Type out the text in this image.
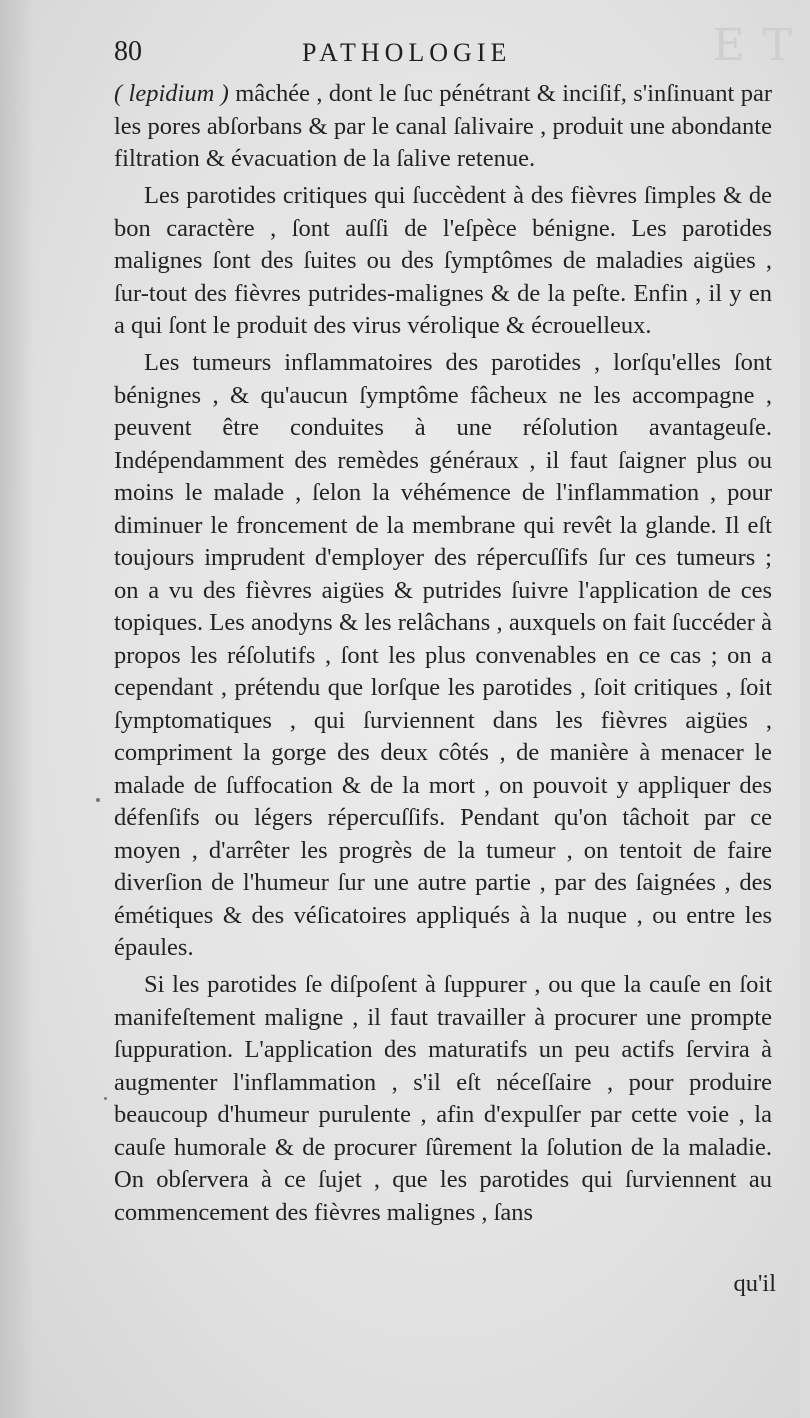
ET
80	PATHOLOGIE

( lepidium ) mâchée , dont le ſuc pénétrant & inciſif, s'inſinuant par les pores abſorbans & par le canal ſalivaire , produit une abondante filtration & évacuation de la ſalive retenue.

Les parotides critiques qui ſuccèdent à des fièvres ſimples & de bon caractère , ſont auſſi de l'eſpèce bénigne. Les parotides malignes ſont des ſuites ou des ſymptômes de maladies aigües , ſur-tout des fièvres putrides-malignes & de la peſte. Enfin , il y en a qui ſont le produit des virus vérolique & écrouelleux.

Les tumeurs inflammatoires des parotides , lorſqu'elles ſont bénignes , & qu'aucun ſymptôme fâcheux ne les accompagne , peuvent être conduites à une réſolution avantageuſe. Indépendamment des remèdes généraux , il faut ſaigner plus ou moins le malade , ſelon la véhémence de l'inflammation , pour diminuer le froncement de la membrane qui revêt la glande. Il eſt toujours imprudent d'employer des répercuſſifs ſur ces tumeurs ; on a vu des fièvres aigües & putrides ſuivre l'application de ces topiques. Les anodyns & les relâchans , auxquels on fait ſuccéder à propos les réſolutifs , ſont les plus convenables en ce cas ; on a cependant , prétendu que lorſque les parotides , ſoit critiques , ſoit ſymptomatiques , qui ſurviennent dans les fièvres aigües , compriment la gorge des deux côtés , de manière à menacer le malade de ſuffocation & de la mort , on pouvoit y appliquer des défenſifs ou légers répercuſſifs. Pendant qu'on tâchoit par ce moyen , d'arrêter les progrès de la tumeur , on tentoit de faire diverſion de l'humeur ſur une autre partie , par des ſaignées , des émétiques & des véſicatoires appliqués à la nuque , ou entre les épaules.

Si les parotides ſe diſpoſent à ſuppurer , ou que la cauſe en ſoit manifeſtement maligne , il faut travailler à procurer une prompte ſuppuration. L'application des maturatifs un peu actifs ſervira à augmenter l'inflammation , s'il eſt néceſſaire , pour produire beaucoup d'humeur purulente , afin d'expulſer par cette voie , la cauſe humorale & de procurer ſûrement la ſolution de la maladie. On obſervera à ce ſujet , que les parotides qui ſurviennent au commencement des fièvres malignes , ſans

qu'il
